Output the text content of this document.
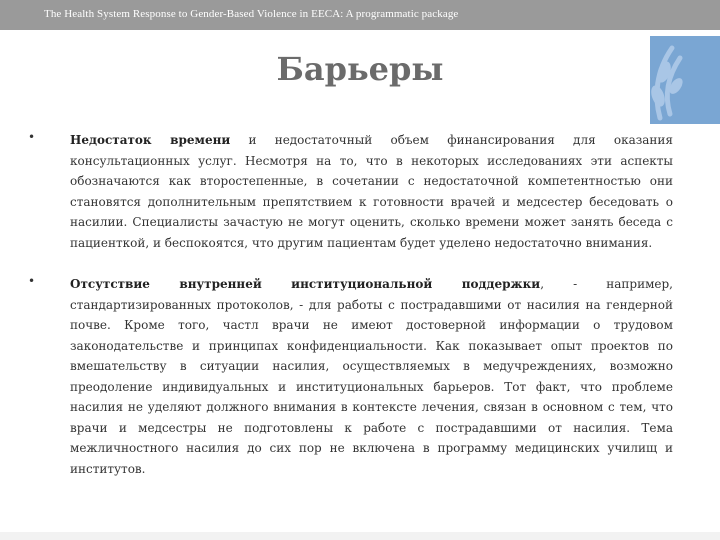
The Health System Response to Gender-Based Violence in EECA: A programmatic package
Барьеры
•	Недостаток времени и недостаточный объем финансирования для оказания консультационных услуг. Несмотря на то, что в некоторых исследованиях эти аспекты обозначаются как второстепенные, в сочетании с недостаточной компетентностью они становятся дополнительным препятствием к готовности врачей и медсестер беседовать о насилии. Специалисты зачастую не могут оценить, сколько времени может занять беседа с пациенткой, и беспокоятся, что другим пациентам будет уделено недостаточно внимания.
•	Отсутствие внутренней институциональной поддержки, - например, стандартизированных протоколов, - для работы с пострадавшими от насилия на гендерной почве. Кроме того, частл врачи не имеют достоверной информации о трудовом законодательстве и принципах конфиденциальности. Как показывает опыт проектов по вмешательству в ситуации насилия, осуществляемых в медучреждениях, возможно преодоление индивидуальных и институциональных барьеров. Тот факт, что проблеме насилия не уделяют должного внимания в контексте лечения, связан в основном с тем, что врачи и медсестры не подготовлены к работе с пострадавшими от насилия. Тема межличностного насилия до сих пор не включена в программу медицинских училищ и институтов.
